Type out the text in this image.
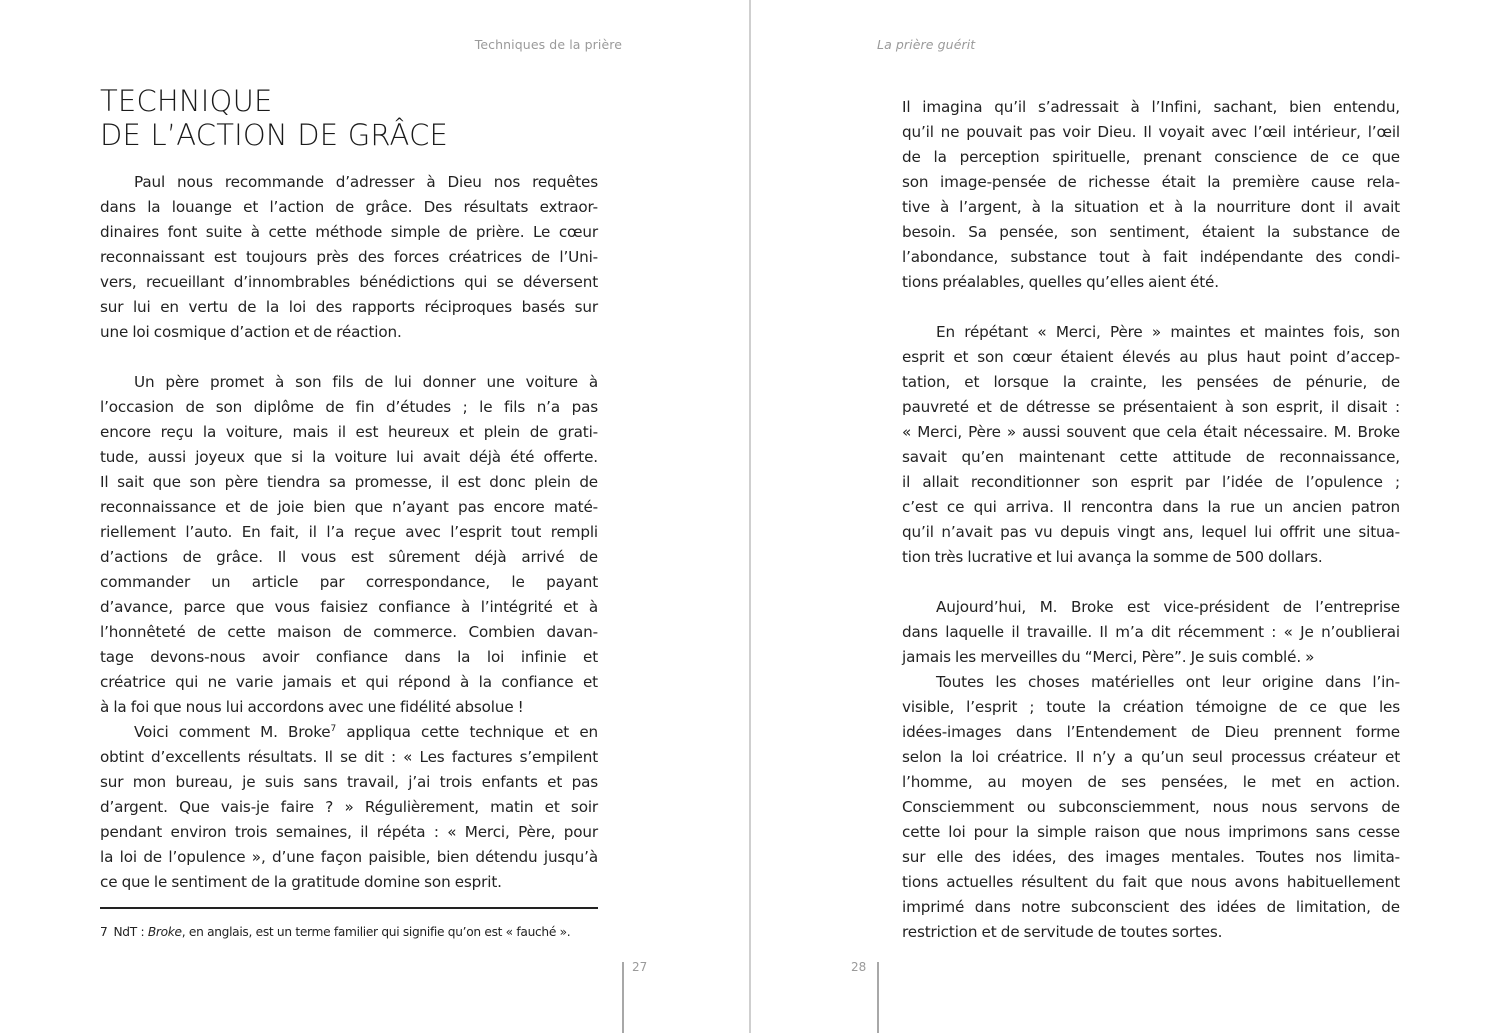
Techniques de la prière
TECHNIQUE
DE L’ACTION DE GRÂCE
Paul nous recommande d’adresser à Dieu nos requêtes
dans la louange et l’action de grâce. Des résultats extraor-
dinaires font suite à cette méthode simple de prière. Le cœur
reconnaissant est toujours près des forces créatrices de l’Uni-
vers, recueillant d’innombrables bénédictions qui se déversent
sur lui en vertu de la loi des rapports réciproques basés sur
une loi cosmique d’action et de réaction.
Un père promet à son fils de lui donner une voiture à
l’occasion de son diplôme de fin d’études ; le fils n’a pas
encore reçu la voiture, mais il est heureux et plein de grati-
tude, aussi joyeux que si la voiture lui avait déjà été offerte.
Il sait que son père tiendra sa promesse, il est donc plein de
reconnaissance et de joie bien que n’ayant pas encore maté-
riellement l’auto. En fait, il l’a reçue avec l’esprit tout rempli
d’actions de grâce. Il vous est sûrement déjà arrivé de
commander un article par correspondance, le payant
d’avance, parce que vous faisiez confiance à l’intégrité et à
l’honnêteté de cette maison de commerce. Combien davan-
tage devons-nous avoir confiance dans la loi infinie et
créatrice qui ne varie jamais et qui répond à la confiance et
à la foi que nous lui accordons avec une fidélité absolue !
Voici comment M. Broke$^7$ appliqua cette technique et en
obtint d’excellents résultats. Il se dit : « Les factures s’empilent
sur mon bureau, je suis sans travail, j’ai trois enfants et pas
d’argent. Que vais-je faire ? » Régulièrement, matin et soir
pendant environ trois semaines, il répéta : « Merci, Père, pour
la loi de l’opulence », d’une façon paisible, bien détendu jusqu’à
ce que le sentiment de la gratitude domine son esprit.
7 NdT : Broke, en anglais, est un terme familier qui signifie qu’on est « fauché ».
27
La prière guérit
Il imagina qu’il s’adressait à l’Infini, sachant, bien entendu,
qu’il ne pouvait pas voir Dieu. Il voyait avec l’œil intérieur, l’œil
de la perception spirituelle, prenant conscience de ce que
son image-pensée de richesse était la première cause rela-
tive à l’argent, à la situation et à la nourriture dont il avait
besoin. Sa pensée, son sentiment, étaient la substance de
l’abondance, substance tout à fait indépendante des condi-
tions préalables, quelles qu’elles aient été.
En répétant « Merci, Père » maintes et maintes fois, son
esprit et son cœur étaient élevés au plus haut point d’accep-
tation, et lorsque la crainte, les pensées de pénurie, de
pauvreté et de détresse se présentaient à son esprit, il disait :
« Merci, Père » aussi souvent que cela était nécessaire. M. Broke
savait qu’en maintenant cette attitude de reconnaissance,
il allait reconditionner son esprit par l’idée de l’opulence ;
c’est ce qui arriva. Il rencontra dans la rue un ancien patron
qu’il n’avait pas vu depuis vingt ans, lequel lui offrit une situa-
tion très lucrative et lui avança la somme de 500 dollars.
Aujourd’hui, M. Broke est vice-président de l’entreprise
dans laquelle il travaille. Il m’a dit récemment : « Je n’oublierai
jamais les merveilles du “Merci, Père”. Je suis comblé. »
Toutes les choses matérielles ont leur origine dans l’in-
visible, l’esprit ; toute la création témoigne de ce que les
idées-images dans l’Entendement de Dieu prennent forme
selon la loi créatrice. Il n’y a qu’un seul processus créateur et
l’homme, au moyen de ses pensées, le met en action.
Consciemment ou subconsciemment, nous nous servons de
cette loi pour la simple raison que nous imprimons sans cesse
sur elle des idées, des images mentales. Toutes nos limita-
tions actuelles résultent du fait que nous avons habituellement
imprimé dans notre subconscient des idées de limitation, de
restriction et de servitude de toutes sortes.
28
